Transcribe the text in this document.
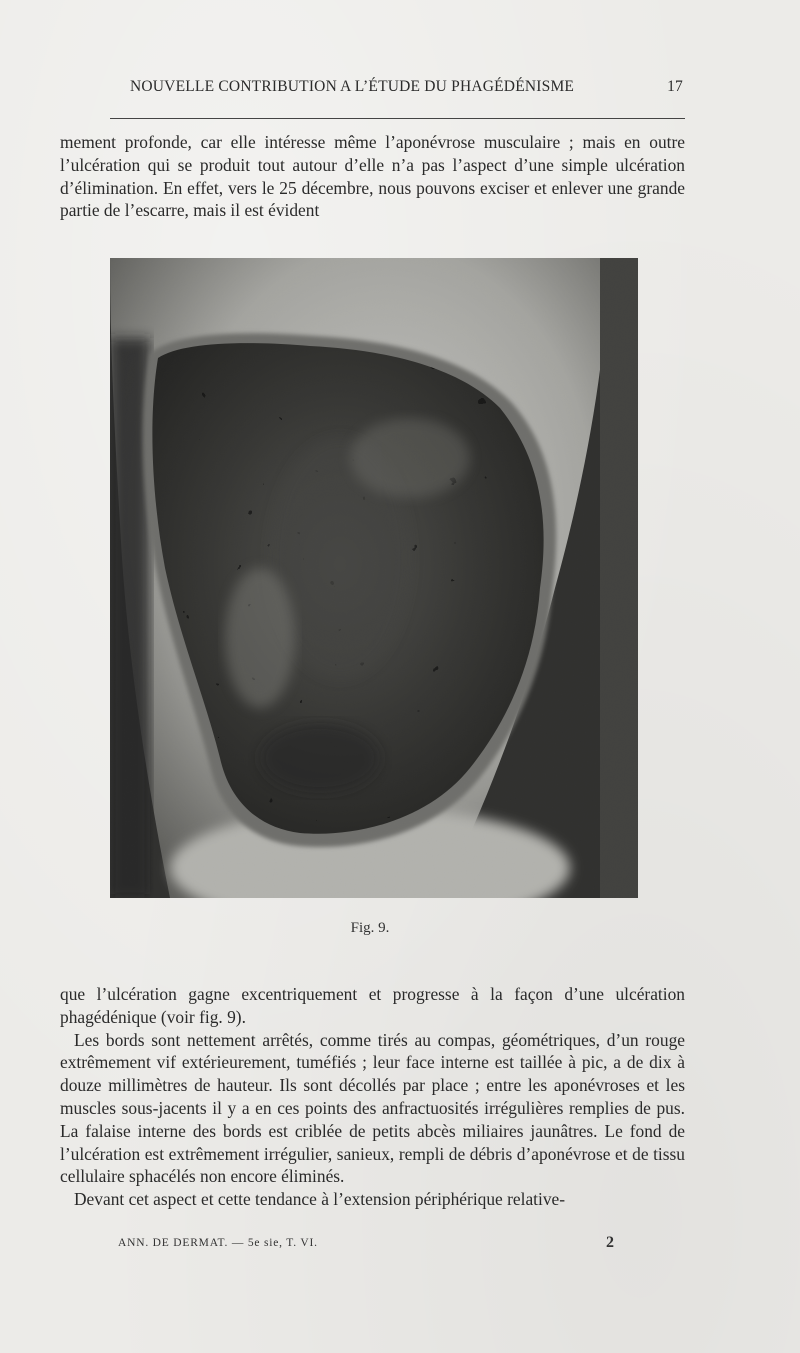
NOUVELLE CONTRIBUTION A L’ÉTUDE DU PHAGÉDÉNISME	17

mement profonde, car elle intéresse même l’aponévrose musculaire ; mais en outre l’ulcération qui se produit tout autour d’elle n’a pas l’aspect d’une simple ulcération d’élimination. En effet, vers le 25 décembre, nous pouvons exciser et enlever une grande partie de l’escarre, mais il est évident

Fig. 9.

que l’ulcération gagne excentriquement et progresse à la façon d’une ulcération phagédénique (voir fig. 9).

Les bords sont nettement arrêtés, comme tirés au compas, géométriques, d’un rouge extrêmement vif extérieurement, tuméfiés ; leur face interne est taillée à pic, a de dix à douze millimètres de hauteur. Ils sont décollés par place ; entre les aponévroses et les muscles sous-jacents il y a en ces points des anfractuosités irrégulières remplies de pus. La falaise interne des bords est criblée de petits abcès miliaires jaunâtres. Le fond de l’ulcération est extrêmement irrégulier, sanieux, rempli de débris d’aponévrose et de tissu cellulaire sphacélés non encore éliminés.

Devant cet aspect et cette tendance à l’extension périphérique relative-

ANN. DE DERMAT. — 5e sie, T. VI.	2
